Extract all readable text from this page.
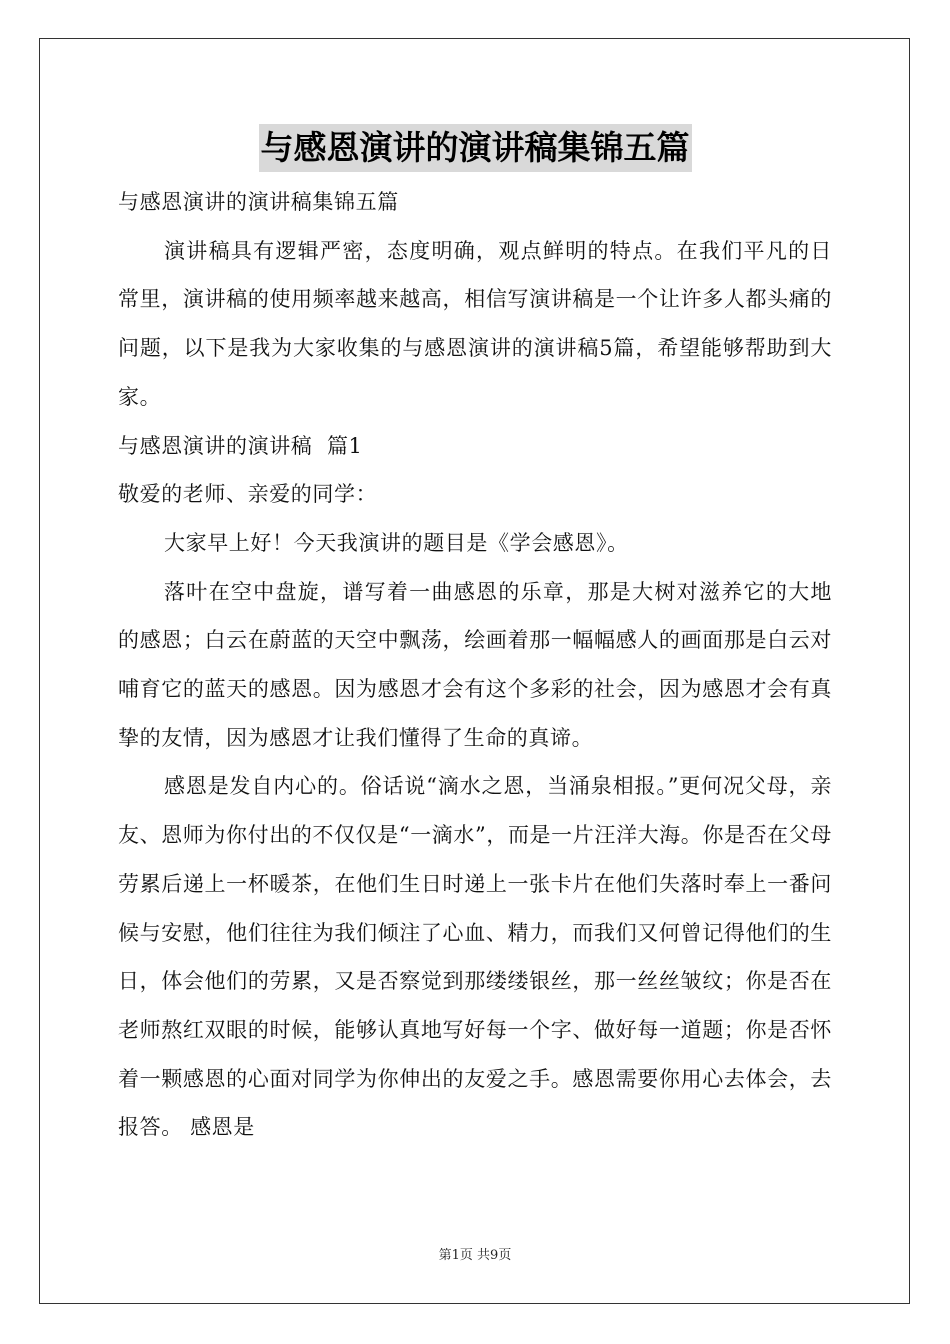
与感恩演讲的演讲稿集锦五篇

与感恩演讲的演讲稿集锦五篇

演讲稿具有逻辑严密，态度明确，观点鲜明的特点。在我们平凡的日常里，演讲稿的使用频率越来越高，相信写演讲稿是一个让许多人都头痛的问题，以下是我为大家收集的与感恩演讲的演讲稿5篇，希望能够帮助到大家。

与感恩演讲的演讲稿  篇1

敬爱的老师、亲爱的同学：

大家早上好！今天我演讲的题目是《学会感恩》。

落叶在空中盘旋，谱写着一曲感恩的乐章，那是大树对滋养它的大地的感恩；白云在蔚蓝的天空中飘荡，绘画着那一幅幅感人的画面那是白云对哺育它的蓝天的感恩。因为感恩才会有这个多彩的社会，因为感恩才会有真挚的友情，因为感恩才让我们懂得了生命的真谛。

感恩是发自内心的。俗话说“滴水之恩，当涌泉相报。”更何况父母，亲友、恩师为你付出的不仅仅是“一滴水”，而是一片汪洋大海。你是否在父母劳累后递上一杯暖茶，在他们生日时递上一张卡片在他们失落时奉上一番问候与安慰，他们往往为我们倾注了心血、精力，而我们又何曾记得他们的生日，体会他们的劳累，又是否察觉到那缕缕银丝，那一丝丝皱纹；你是否在老师熬红双眼的时候，能够认真地写好每一个字、做好每一道题；你是否怀着一颗感恩的心面对同学为你伸出的友爱之手。感恩需要你用心去体会，去报答。 感恩是

第1页 共9页
